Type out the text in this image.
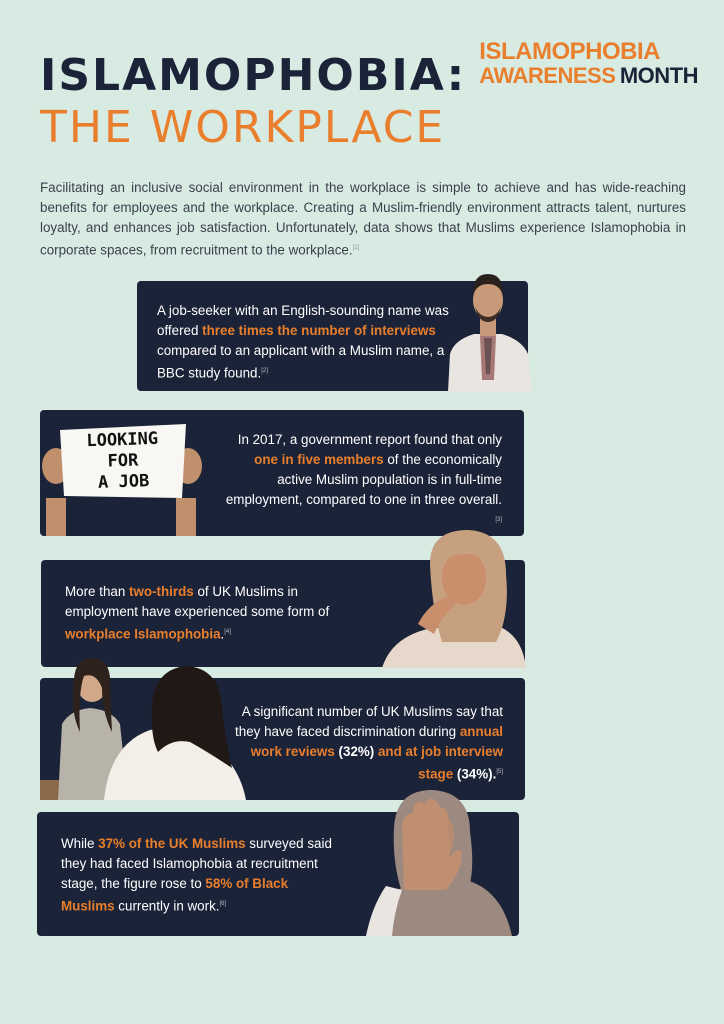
ISLAMOPHOBIA:
THE WORKPLACE
ISLAMOPHOBIA
AWARENESS MONTH

Facilitating an inclusive social environment in the workplace is simple to achieve and has wide-reaching benefits for employees and the workplace. Creating a Muslim-friendly environment attracts talent, nurtures loyalty, and enhances job satisfaction. Unfortunately, data shows that Muslims experience Islamophobia in corporate spaces, from recruitment to the workplace.[1]

A job-seeker with an English-sounding name was offered three times the number of interviews compared to an applicant with a Muslim name, a BBC study found.[2]

In 2017, a government report found that only one in five members of the economically active Muslim population is in full-time employment, compared to one in three overall.[3]

LOOKING
FOR
A JOB

More than two-thirds of UK Muslims in employment have experienced some form of workplace Islamophobia.[4]

A significant number of UK Muslims say that they have faced discrimination during annual work reviews (32%) and at job interview stage (34%).[5]

While 37% of the UK Muslims surveyed said they had faced Islamophobia at recruitment stage, the figure rose to 58% of Black Muslims currently in work.[6]
